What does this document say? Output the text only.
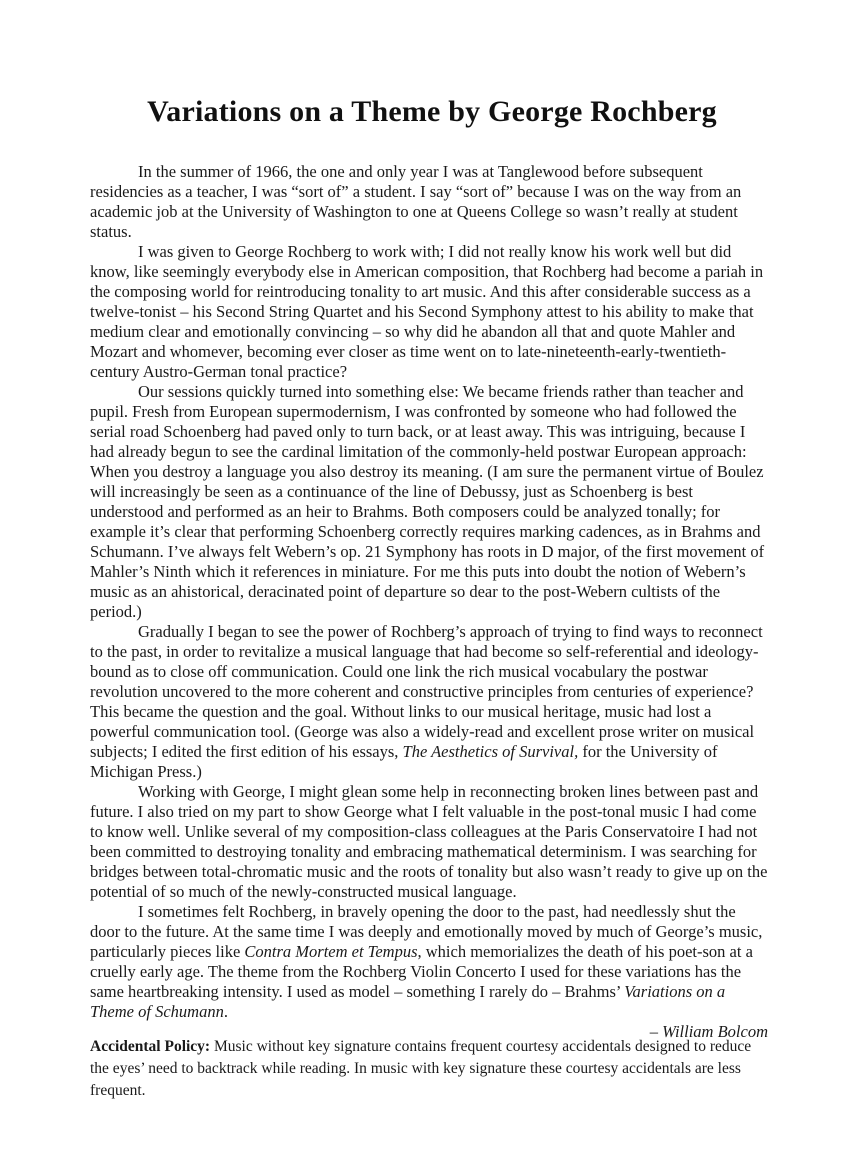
Variations on a Theme by George Rochberg

In the summer of 1966, the one and only year I was at Tanglewood before subsequent residencies as a teacher, I was “sort of” a student. I say “sort of” because I was on the way from an academic job at the University of Washington to one at Queens College so wasn’t really at student status.

I was given to George Rochberg to work with; I did not really know his work well but did know, like seemingly everybody else in American composition, that Rochberg had become a pariah in the composing world for reintroducing tonality to art music. And this after considerable success as a twelve-tonist – his Second String Quartet and his Second Symphony attest to his ability to make that medium clear and emotionally convincing – so why did he abandon all that and quote Mahler and Mozart and whomever, becoming ever closer as time went on to late-nineteenth-early-twentieth-century Austro-German tonal practice?

Our sessions quickly turned into something else: We became friends rather than teacher and pupil. Fresh from European supermodernism, I was confronted by someone who had followed the serial road Schoenberg had paved only to turn back, or at least away. This was intriguing, because I had already begun to see the cardinal limitation of the commonly-held postwar European approach: When you destroy a language you also destroy its meaning. (I am sure the permanent virtue of Boulez will increasingly be seen as a continuance of the line of Debussy, just as Schoenberg is best understood and performed as an heir to Brahms. Both composers could be analyzed tonally; for example it’s clear that performing Schoenberg correctly requires marking cadences, as in Brahms and Schumann. I’ve always felt Webern’s op. 21 Symphony has roots in D major, of the first movement of Mahler’s Ninth which it references in miniature. For me this puts into doubt the notion of Webern’s music as an ahistorical, deracinated point of departure so dear to the post-Webern cultists of the period.)

Gradually I began to see the power of Rochberg’s approach of trying to find ways to reconnect to the past, in order to revitalize a musical language that had become so self-referential and ideology-bound as to close off communication. Could one link the rich musical vocabulary the postwar revolution uncovered to the more coherent and constructive principles from centuries of experience? This became the question and the goal. Without links to our musical heritage, music had lost a powerful communication tool. (George was also a widely-read and excellent prose writer on musical subjects; I edited the first edition of his essays, The Aesthetics of Survival, for the University of Michigan Press.)

Working with George, I might glean some help in reconnecting broken lines between past and future. I also tried on my part to show George what I felt valuable in the post-tonal music I had come to know well. Unlike several of my composition-class colleagues at the Paris Conservatoire I had not been committed to destroying tonality and embracing mathematical determinism. I was searching for bridges between total-chromatic music and the roots of tonality but also wasn’t ready to give up on the potential of so much of the newly-constructed musical language.

I sometimes felt Rochberg, in bravely opening the door to the past, had needlessly shut the door to the future. At the same time I was deeply and emotionally moved by much of George’s music, particularly pieces like Contra Mortem et Tempus, which memorializes the death of his poet-son at a cruelly early age. The theme from the Rochberg Violin Concerto I used for these variations has the same heartbreaking intensity. I used as model – something I rarely do – Brahms’ Variations on a Theme of Schumann.

– William Bolcom

Accidental Policy: Music without key signature contains frequent courtesy accidentals designed to reduce the eyes’ need to backtrack while reading. In music with key signature these courtesy accidentals are less frequent.
